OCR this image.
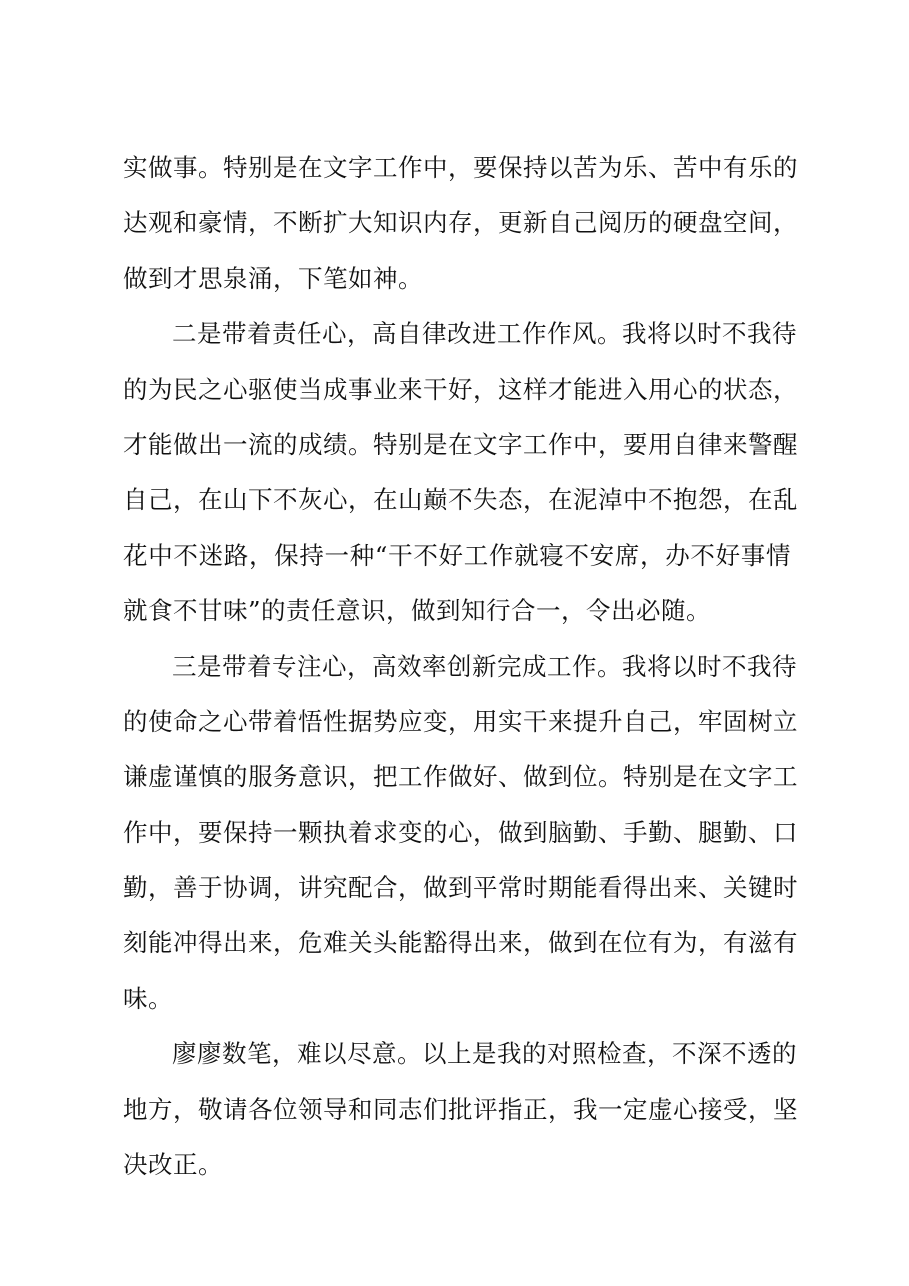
实做事。特别是在文字工作中，要保持以苦为乐、苦中有乐的
达观和豪情，不断扩大知识内存，更新自己阅历的硬盘空间，
做到才思泉涌，下笔如神。
二是带着责任心，高自律改进工作作风。我将以时不我待
的为民之心驱使当成事业来干好，这样才能进入用心的状态，
才能做出一流的成绩。特别是在文字工作中，要用自律来警醒
自己，在山下不灰心，在山巅不失态，在泥淖中不抱怨，在乱
花中不迷路，保持一种“干不好工作就寝不安席，办不好事情
就食不甘味”的责任意识，做到知行合一，令出必随。
三是带着专注心，高效率创新完成工作。我将以时不我待
的使命之心带着悟性据势应变，用实干来提升自己，牢固树立
谦虚谨慎的服务意识，把工作做好、做到位。特别是在文字工
作中，要保持一颗执着求变的心，做到脑勤、手勤、腿勤、口
勤，善于协调，讲究配合，做到平常时期能看得出来、关键时
刻能冲得出来，危难关头能豁得出来，做到在位有为，有滋有
味。
廖廖数笔，难以尽意。以上是我的对照检查，不深不透的
地方，敬请各位领导和同志们批评指正，我一定虚心接受，坚
决改正。
